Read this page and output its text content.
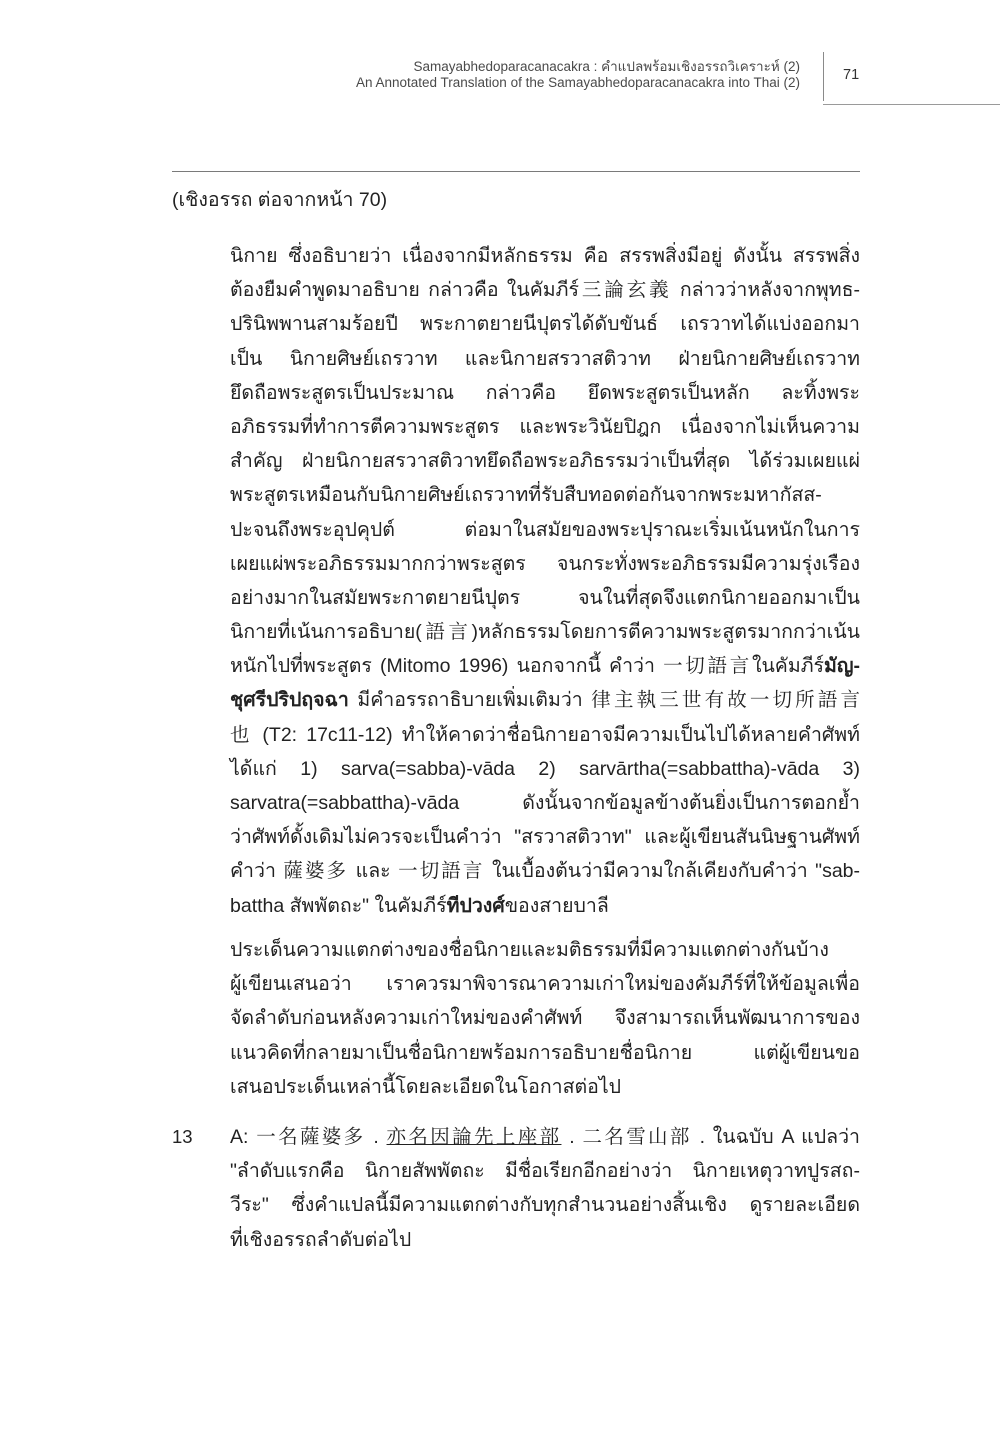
Samayabhedoparacanacakra : คำแปลพร้อมเชิงอรรถวิเคราะห์ (2)
An Annotated Translation of the Samayabhedoparacanacakra into Thai (2)	71
(เชิงอรรถ ต่อจากหน้า 70)
นิกาย ซึ่งอธิบายว่า เนื่องจากมีหลักธรรม คือ สรรพสิ่งมีอยู่ ดังนั้น สรรพสิ่ง
ต้องยืมคำพูดมาอธิบาย กล่าวคือ ในคัมภีร์三論玄義 กล่าวว่าหลังจากพุทธ-
ปรินิพพานสามร้อยปี พระกาตยายนีปุตรได้ดับขันธ์ เถรวาทได้แบ่งออกมา
เป็น นิกายศิษย์เถรวาท และนิกายสรวาสติวาท ฝ่ายนิกายศิษย์เถรวาท
ยึดถือพระสูตรเป็นประมาณ กล่าวคือ ยึดพระสูตรเป็นหลัก ละทิ้งพระ
อภิธรรมที่ทำการตีความพระสูตร และพระวินัยปิฎก เนื่องจากไม่เห็นความ
สำคัญ ฝ่ายนิกายสรวาสติวาทยึดถือพระอภิธรรมว่าเป็นที่สุด ได้ร่วมเผยแผ่
พระสูตรเหมือนกับนิกายศิษย์เถรวาทที่รับสืบทอดต่อกันจากพระมหากัสส-
ปะจนถึงพระอุปคุปต์ ต่อมาในสมัยของพระปุราณะเริ่มเน้นหนักในการ
เผยแผ่พระอภิธรรมมากกว่าพระสูตร จนกระทั่งพระอภิธรรมมีความรุ่งเรือง
อย่างมากในสมัยพระกาตยายนีปุตร จนในที่สุดจึงแตกนิกายออกมาเป็น
นิกายที่เน้นการอธิบาย(語言)หลักธรรมโดยการตีความพระสูตรมากกว่าเน้น
หนักไปที่พระสูตร (Mitomo 1996) นอกจากนี้ คำว่า 一切語言ในคัมภีร์มัญ-
ชุศรีปริปฤจฉา มีคำอรรถาธิบายเพิ่มเติมว่า 律主執三世有故一切所語言
也 (T2: 17c11-12) ทำให้คาดว่าชื่อนิกายอาจมีความเป็นไปได้หลายคำศัพท์
ได้แก่ 1) sarva(=sabba)-vāda 2) sarvārtha(=sabbattha)-vāda 3)
sarvatra(=sabbattha)-vāda ดังนั้นจากข้อมูลข้างต้นยิ่งเป็นการตอกย้ำ
ว่าศัพท์ดั้งเดิมไม่ควรจะเป็นคำว่า "สรวาสติวาท" และผู้เขียนสันนิษฐานศัพท์
คำว่า 薩婆多 และ 一切語言 ในเบื้องต้นว่ามีความใกล้เคียงกับคำว่า "sab-
battha สัพพัตถะ" ในคัมภีร์ทีปวงศ์ของสายบาลี
ประเด็นความแตกต่างของชื่อนิกายและมติธรรมที่มีความแตกต่างกันบ้าง
ผู้เขียนเสนอว่า เราควรมาพิจารณาความเก่าใหม่ของคัมภีร์ที่ให้ข้อมูลเพื่อ
จัดลำดับก่อนหลังความเก่าใหม่ของคำศัพท์ จึงสามารถเห็นพัฒนาการของ
แนวคิดที่กลายมาเป็นชื่อนิกายพร้อมการอธิบายชื่อนิกาย แต่ผู้เขียนขอ
เสนอประเด็นเหล่านี้โดยละเอียดในโอกาสต่อไป
13 A: 一名薩婆多 . 亦名因論先上座部 . 二名雪山部 . ในฉบับ A แปลว่า
"ลำดับแรกคือ นิกายสัพพัตถะ มีชื่อเรียกอีกอย่างว่า นิกายเหตุวาทปูรสถ-
วีระ" ซึ่งคำแปลนี้มีความแตกต่างกับทุกสำนวนอย่างสิ้นเชิง ดูรายละเอียด
ที่เชิงอรรถลำดับต่อไป
